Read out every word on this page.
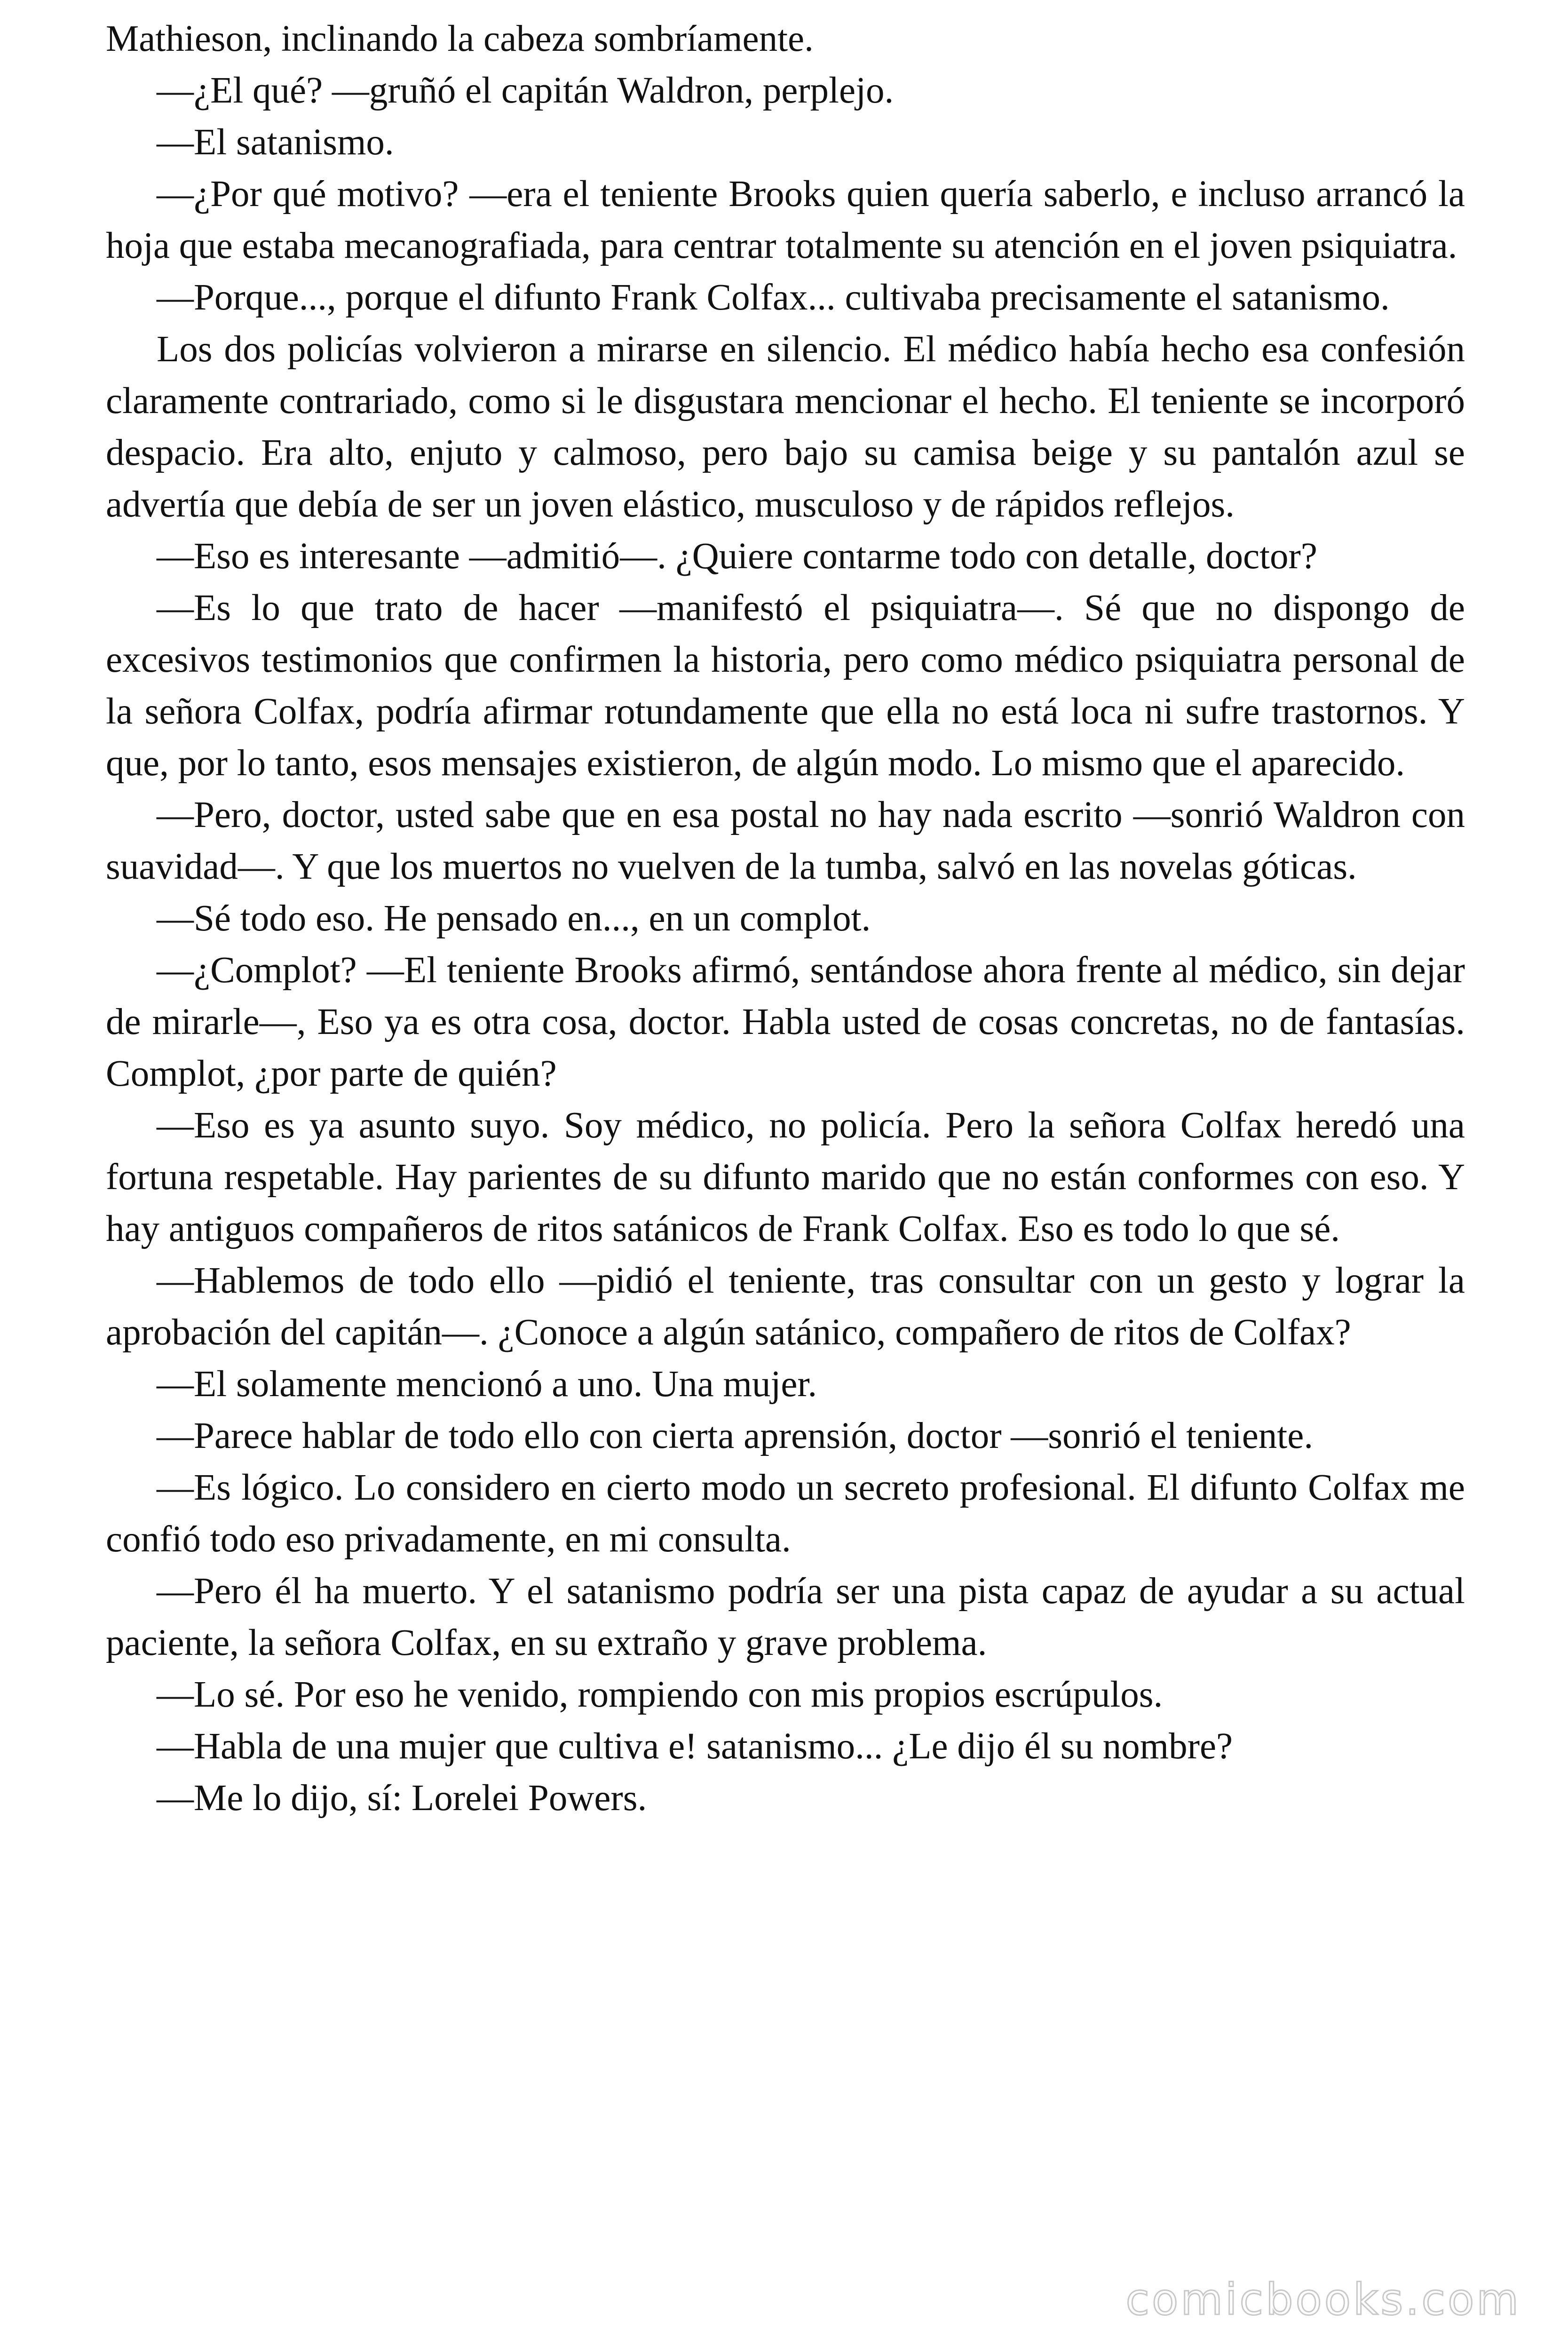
Mathieson, inclinando la cabeza sombríamente.

—¿El qué? —gruñó el capitán Waldron, perplejo.

—El satanismo.

—¿Por qué motivo? —era el teniente Brooks quien quería saberlo, e incluso arrancó la hoja que estaba mecanografiada, para centrar totalmente su atención en el joven psiquiatra.

—Porque..., porque el difunto Frank Colfax... cultivaba precisamente el satanismo.

Los dos policías volvieron a mirarse en silencio. El médico había hecho esa confesión claramente contrariado, como si le disgustara mencionar el hecho. El teniente se incorporó despacio. Era alto, enjuto y calmoso, pero bajo su camisa beige y su pantalón azul se advertía que debía de ser un joven elástico, musculoso y de rápidos reflejos.

—Eso es interesante —admitió—. ¿Quiere contarme todo con detalle, doctor?

—Es lo que trato de hacer —manifestó el psiquiatra—. Sé que no dispongo de excesivos testimonios que confirmen la historia, pero como médico psiquiatra personal de la señora Colfax, podría afirmar rotundamente que ella no está loca ni sufre trastornos. Y que, por lo tanto, esos mensajes existieron, de algún modo. Lo mismo que el aparecido.

—Pero, doctor, usted sabe que en esa postal no hay nada escrito —sonrió Waldron con suavidad—. Y que los muertos no vuelven de la tumba, salvó en las novelas góticas.

—Sé todo eso. He pensado en..., en un complot.

—¿Complot? —El teniente Brooks afirmó, sentándose ahora frente al médico, sin dejar de mirarle—, Eso ya es otra cosa, doctor. Habla usted de cosas concretas, no de fantasías. Complot, ¿por parte de quién?

—Eso es ya asunto suyo. Soy médico, no policía. Pero la señora Colfax heredó una fortuna respetable. Hay parientes de su difunto marido que no están conformes con eso. Y hay antiguos compañeros de ritos satánicos de Frank Colfax. Eso es todo lo que sé.

—Hablemos de todo ello —pidió el teniente, tras consultar con un gesto y lograr la aprobación del capitán—. ¿Conoce a algún satánico, compañero de ritos de Colfax?

—El solamente mencionó a uno. Una mujer.

—Parece hablar de todo ello con cierta aprensión, doctor —sonrió el teniente.

—Es lógico. Lo considero en cierto modo un secreto profesional. El difunto Colfax me confió todo eso privadamente, en mi consulta.

—Pero él ha muerto. Y el satanismo podría ser una pista capaz de ayudar a su actual paciente, la señora Colfax, en su extraño y grave problema.

—Lo sé. Por eso he venido, rompiendo con mis propios escrúpulos.

—Habla de una mujer que cultiva e! satanismo... ¿Le dijo él su nombre?

—Me lo dijo, sí: Lorelei Powers.

comicbooks.com
